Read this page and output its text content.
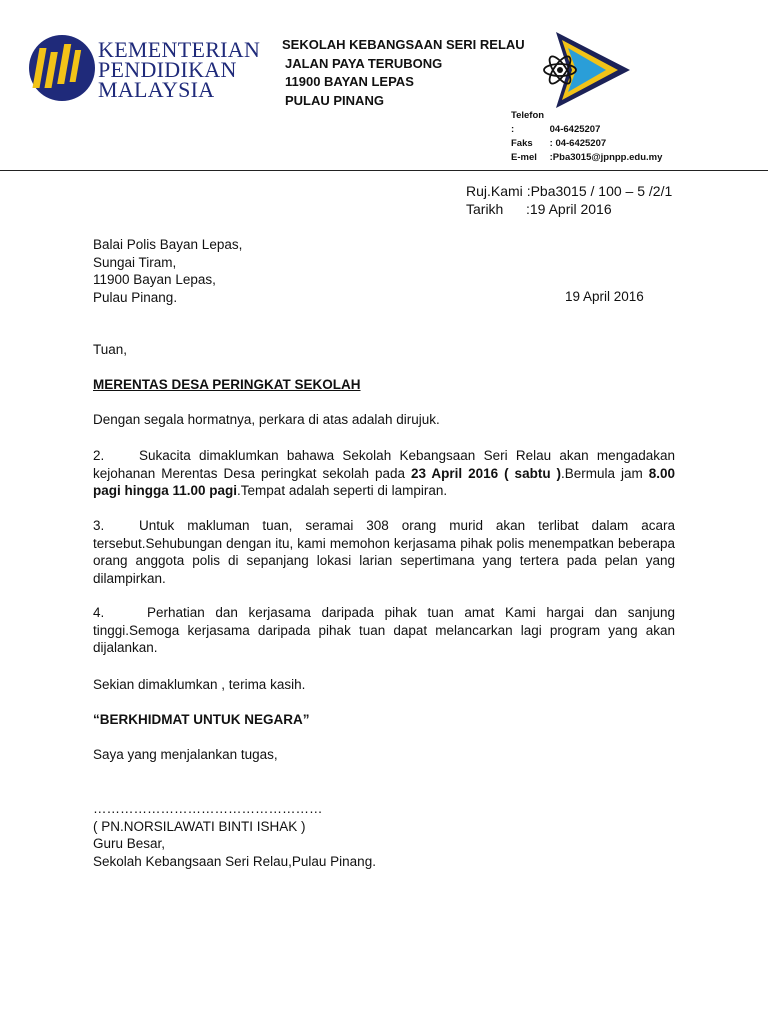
KEMENTERIAN
PENDIDIKAN
MALAYSIA
SEKOLAH KEBANGSAAN SERI RELAU
JALAN PAYA TERUBONG
11900 BAYAN LEPAS
PULAU PINANG
Telefon :	04-6425207
Faks : 04-6425207
E-mel :Pba3015@jpnpp.edu.my
Ruj.Kami :Pba3015 / 100 – 5 /2/1
Tarikh :19 April 2016
Balai Polis Bayan Lepas,
Sungai Tiram,
11900 Bayan Lepas,
Pulau Pinang.	19 April 2016
Tuan,
MERENTAS DESA PERINGKAT SEKOLAH
Dengan segala hormatnya, perkara di atas adalah dirujuk.
2.	Sukacita dimaklumkan bahawa Sekolah Kebangsaan Seri Relau akan mengadakan kejohanan Merentas Desa peringkat sekolah pada 23 April 2016 ( sabtu ).Bermula jam 8.00 pagi hingga 11.00 pagi.Tempat adalah seperti di lampiran.
3.	Untuk makluman tuan, seramai 308 orang murid akan terlibat dalam acara tersebut.Sehubungan dengan itu, kami memohon kerjasama pihak polis menempatkan beberapa orang anggota polis di sepanjang lokasi larian sepertimana yang tertera pada pelan yang dilampirkan.
4.	Perhatian dan kerjasama daripada pihak tuan amat Kami hargai dan sanjung tinggi.Semoga kerjasama daripada pihak tuan dapat melancarkan lagi program yang akan dijalankan.
Sekian dimaklumkan , terima kasih.
“BERKHIDMAT UNTUK NEGARA”
Saya yang menjalankan tugas,
……………………………………………
( PN.NORSILAWATI BINTI ISHAK )
Guru Besar,
Sekolah Kebangsaan Seri Relau,Pulau Pinang.
